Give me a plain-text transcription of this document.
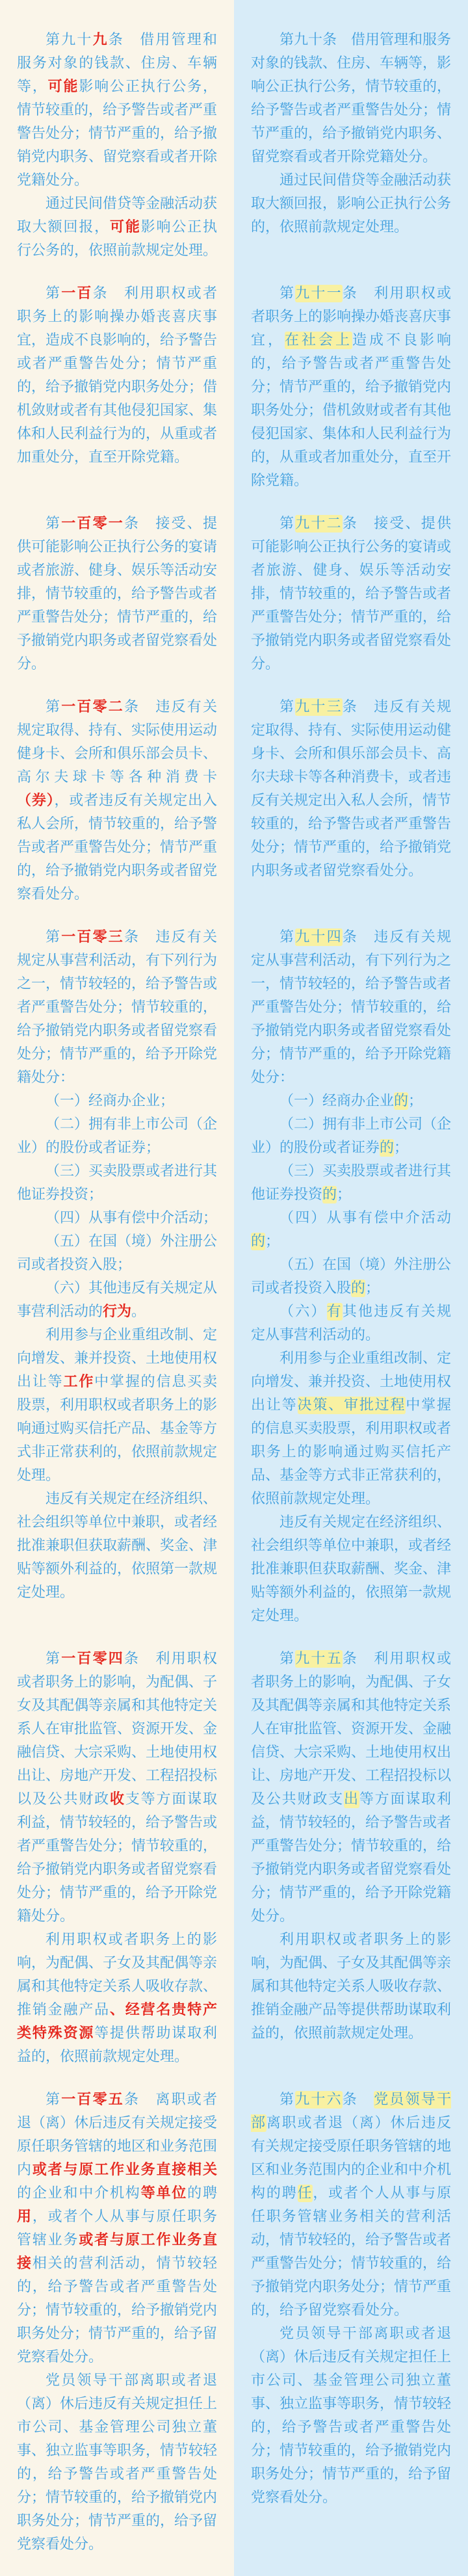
第九十九条　借用管理和服务对象的钱款、住房、车辆等，可能影响公正执行公务，情节较重的，给予警告或者严重警告处分；情节严重的，给予撤销党内职务、留党察看或者开除党籍处分。

通过民间借贷等金融活动获取大额回报，可能影响公正执行公务的，依照前款规定处理。

第九十条　借用管理和服务对象的钱款、住房、车辆等，影响公正执行公务，情节较重的，给予警告或者严重警告处分；情节严重的，给予撤销党内职务、留党察看或者开除党籍处分。

通过民间借贷等金融活动获取大额回报，影响公正执行公务的，依照前款规定处理。

第一百条　利用职权或者职务上的影响操办婚丧喜庆事宜，造成不良影响的，给予警告或者严重警告处分；情节严重的，给予撤销党内职务处分；借机敛财或者有其他侵犯国家、集体和人民利益行为的，从重或者加重处分，直至开除党籍。

第九十一条　利用职权或者职务上的影响操办婚丧喜庆事宜，在社会上造成不良影响的，给予警告或者严重警告处分；情节严重的，给予撤销党内职务处分；借机敛财或者有其他侵犯国家、集体和人民利益行为的，从重或者加重处分，直至开除党籍。

第一百零一条　接受、提供可能影响公正执行公务的宴请或者旅游、健身、娱乐等活动安排，情节较重的，给予警告或者严重警告处分；情节严重的，给予撤销党内职务或者留党察看处分。

第九十二条　接受、提供可能影响公正执行公务的宴请或者旅游、健身、娱乐等活动安排，情节较重的，给予警告或者严重警告处分；情节严重的，给予撤销党内职务或者留党察看处分。

第一百零二条　违反有关规定取得、持有、实际使用运动健身卡、会所和俱乐部会员卡、高尔夫球卡等各种消费卡（券），或者违反有关规定出入私人会所，情节较重的，给予警告或者严重警告处分；情节严重的，给予撤销党内职务或者留党察看处分。

第九十三条　违反有关规定取得、持有、实际使用运动健身卡、会所和俱乐部会员卡、高尔夫球卡等各种消费卡，或者违反有关规定出入私人会所，情节较重的，给予警告或者严重警告处分；情节严重的，给予撤销党内职务或者留党察看处分。

第一百零三条　违反有关规定从事营利活动，有下列行为之一，情节较轻的，给予警告或者严重警告处分；情节较重的，给予撤销党内职务或者留党察看处分；情节严重的，给予开除党籍处分：

（一）经商办企业；

（二）拥有非上市公司（企业）的股份或者证券；

（三）买卖股票或者进行其他证券投资；

（四）从事有偿中介活动；

（五）在国（境）外注册公司或者投资入股；

（六）其他违反有关规定从事营利活动的行为。

利用参与企业重组改制、定向增发、兼并投资、土地使用权出让等工作中掌握的信息买卖股票，利用职权或者职务上的影响通过购买信托产品、基金等方式非正常获利的，依照前款规定处理。

违反有关规定在经济组织、社会组织等单位中兼职，或者经批准兼职但获取薪酬、奖金、津贴等额外利益的，依照第一款规定处理。

第九十四条　违反有关规定从事营利活动，有下列行为之一，情节较轻的，给予警告或者严重警告处分；情节较重的，给予撤销党内职务或者留党察看处分；情节严重的，给予开除党籍处分：

（一）经商办企业的；

（二）拥有非上市公司（企业）的股份或者证券的；

（三）买卖股票或者进行其他证券投资的；

（四）从事有偿中介活动的；

（五）在国（境）外注册公司或者投资入股的；

（六）有其他违反有关规定从事营利活动的。

利用参与企业重组改制、定向增发、兼并投资、土地使用权出让等决策、审批过程中掌握的信息买卖股票，利用职权或者职务上的影响通过购买信托产品、基金等方式非正常获利的，依照前款规定处理。

违反有关规定在经济组织、社会组织等单位中兼职，或者经批准兼职但获取薪酬、奖金、津贴等额外利益的，依照第一款规定处理。

第一百零四条　利用职权或者职务上的影响，为配偶、子女及其配偶等亲属和其他特定关系人在审批监管、资源开发、金融信贷、大宗采购、土地使用权出让、房地产开发、工程招投标以及公共财政收支等方面谋取利益，情节较轻的，给予警告或者严重警告处分；情节较重的，给予撤销党内职务或者留党察看处分；情节严重的，给予开除党籍处分。

利用职权或者职务上的影响，为配偶、子女及其配偶等亲属和其他特定关系人吸收存款、推销金融产品、经营名贵特产类特殊资源等提供帮助谋取利益的，依照前款规定处理。

第九十五条　利用职权或者职务上的影响，为配偶、子女及其配偶等亲属和其他特定关系人在审批监管、资源开发、金融信贷、大宗采购、土地使用权出让、房地产开发、工程招投标以及公共财政支出等方面谋取利益，情节较轻的，给予警告或者严重警告处分；情节较重的，给予撤销党内职务或者留党察看处分；情节严重的，给予开除党籍处分。

利用职权或者职务上的影响，为配偶、子女及其配偶等亲属和其他特定关系人吸收存款、推销金融产品等提供帮助谋取利益的，依照前款规定处理。

第一百零五条　离职或者退（离）休后违反有关规定接受原任职务管辖的地区和业务范围内或者与原工作业务直接相关的企业和中介机构等单位的聘用，或者个人从事与原任职务管辖业务或者与原工作业务直接相关的营利活动，情节较轻的，给予警告或者严重警告处分；情节较重的，给予撤销党内职务处分；情节严重的，给予留党察看处分。

党员领导干部离职或者退（离）休后违反有关规定担任上市公司、基金管理公司独立董事、独立监事等职务，情节较轻的，给予警告或者严重警告处分；情节较重的，给予撤销党内职务处分；情节严重的，给予留党察看处分。

第九十六条　党员领导干部离职或者退（离）休后违反有关规定接受原任职务管辖的地区和业务范围内的企业和中介机构的聘任，或者个人从事与原任职务管辖业务相关的营利活动，情节较轻的，给予警告或者严重警告处分；情节较重的，给予撤销党内职务处分；情节严重的，给予留党察看处分。

党员领导干部离职或者退（离）休后违反有关规定担任上市公司、基金管理公司独立董事、独立监事等职务，情节较轻的，给予警告或者严重警告处分；情节较重的，给予撤销党内职务处分；情节严重的，给予留党察看处分。
